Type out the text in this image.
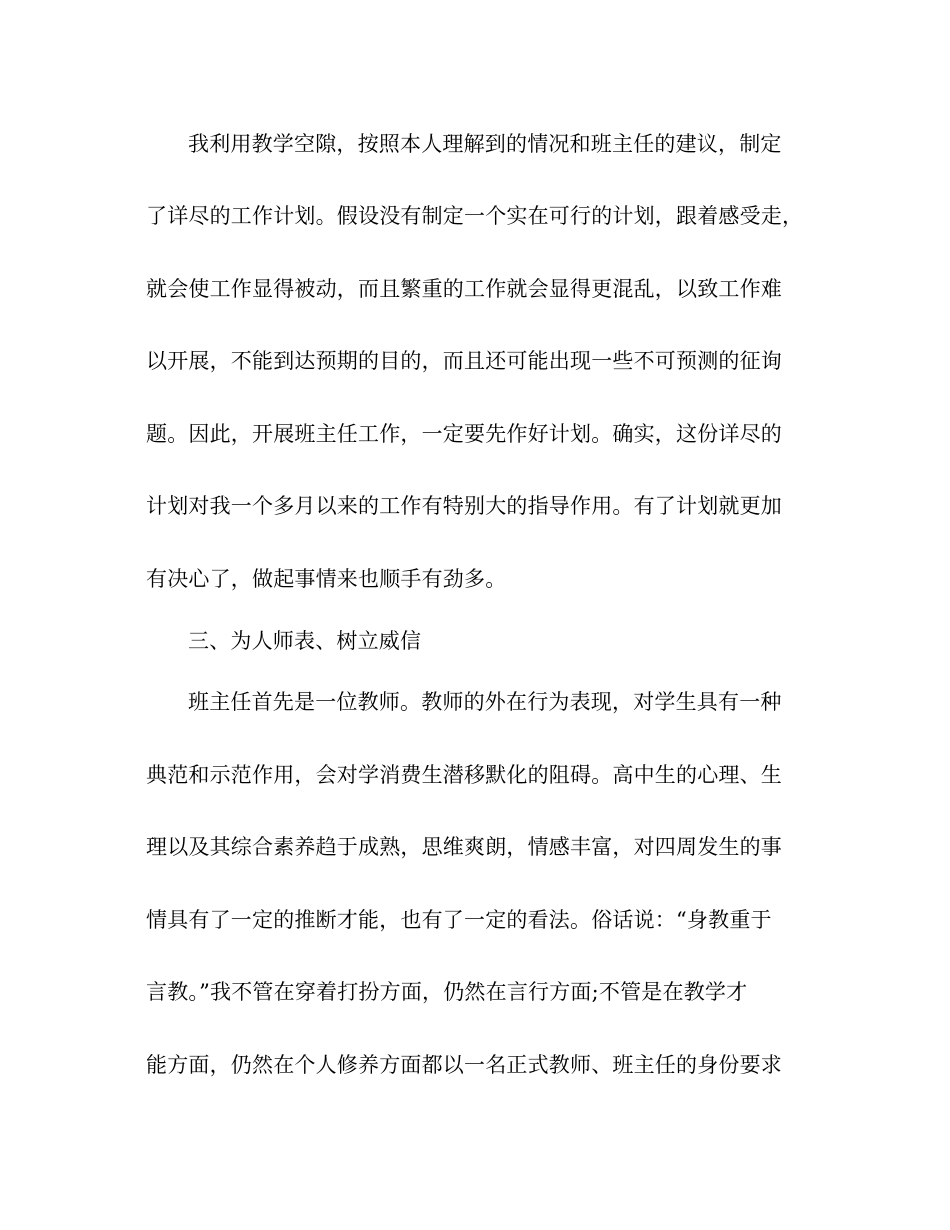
我利用教学空隙，按照本人理解到的情况和班主任的建议，制定
了详尽的工作计划。假设没有制定一个实在可行的计划，跟着感受走，
就会使工作显得被动，而且繁重的工作就会显得更混乱，以致工作难
以开展，不能到达预期的目的，而且还可能出现一些不可预测的征询
题。因此，开展班主任工作，一定要先作好计划。确实，这份详尽的
计划对我一个多月以来的工作有特别大的指导作用。有了计划就更加
有决心了，做起事情来也顺手有劲多。
三、为人师表、树立威信
班主任首先是一位教师。教师的外在行为表现，对学生具有一种
典范和示范作用，会对学消费生潜移默化的阻碍。高中生的心理、生
理以及其综合素养趋于成熟，思维爽朗，情感丰富，对四周发生的事
情具有了一定的推断才能，也有了一定的看法。俗话说：“身教重于
言教。”我不管在穿着打扮方面，仍然在言行方面;不管是在教学才
能方面，仍然在个人修养方面都以一名正式教师、班主任的身份要求
